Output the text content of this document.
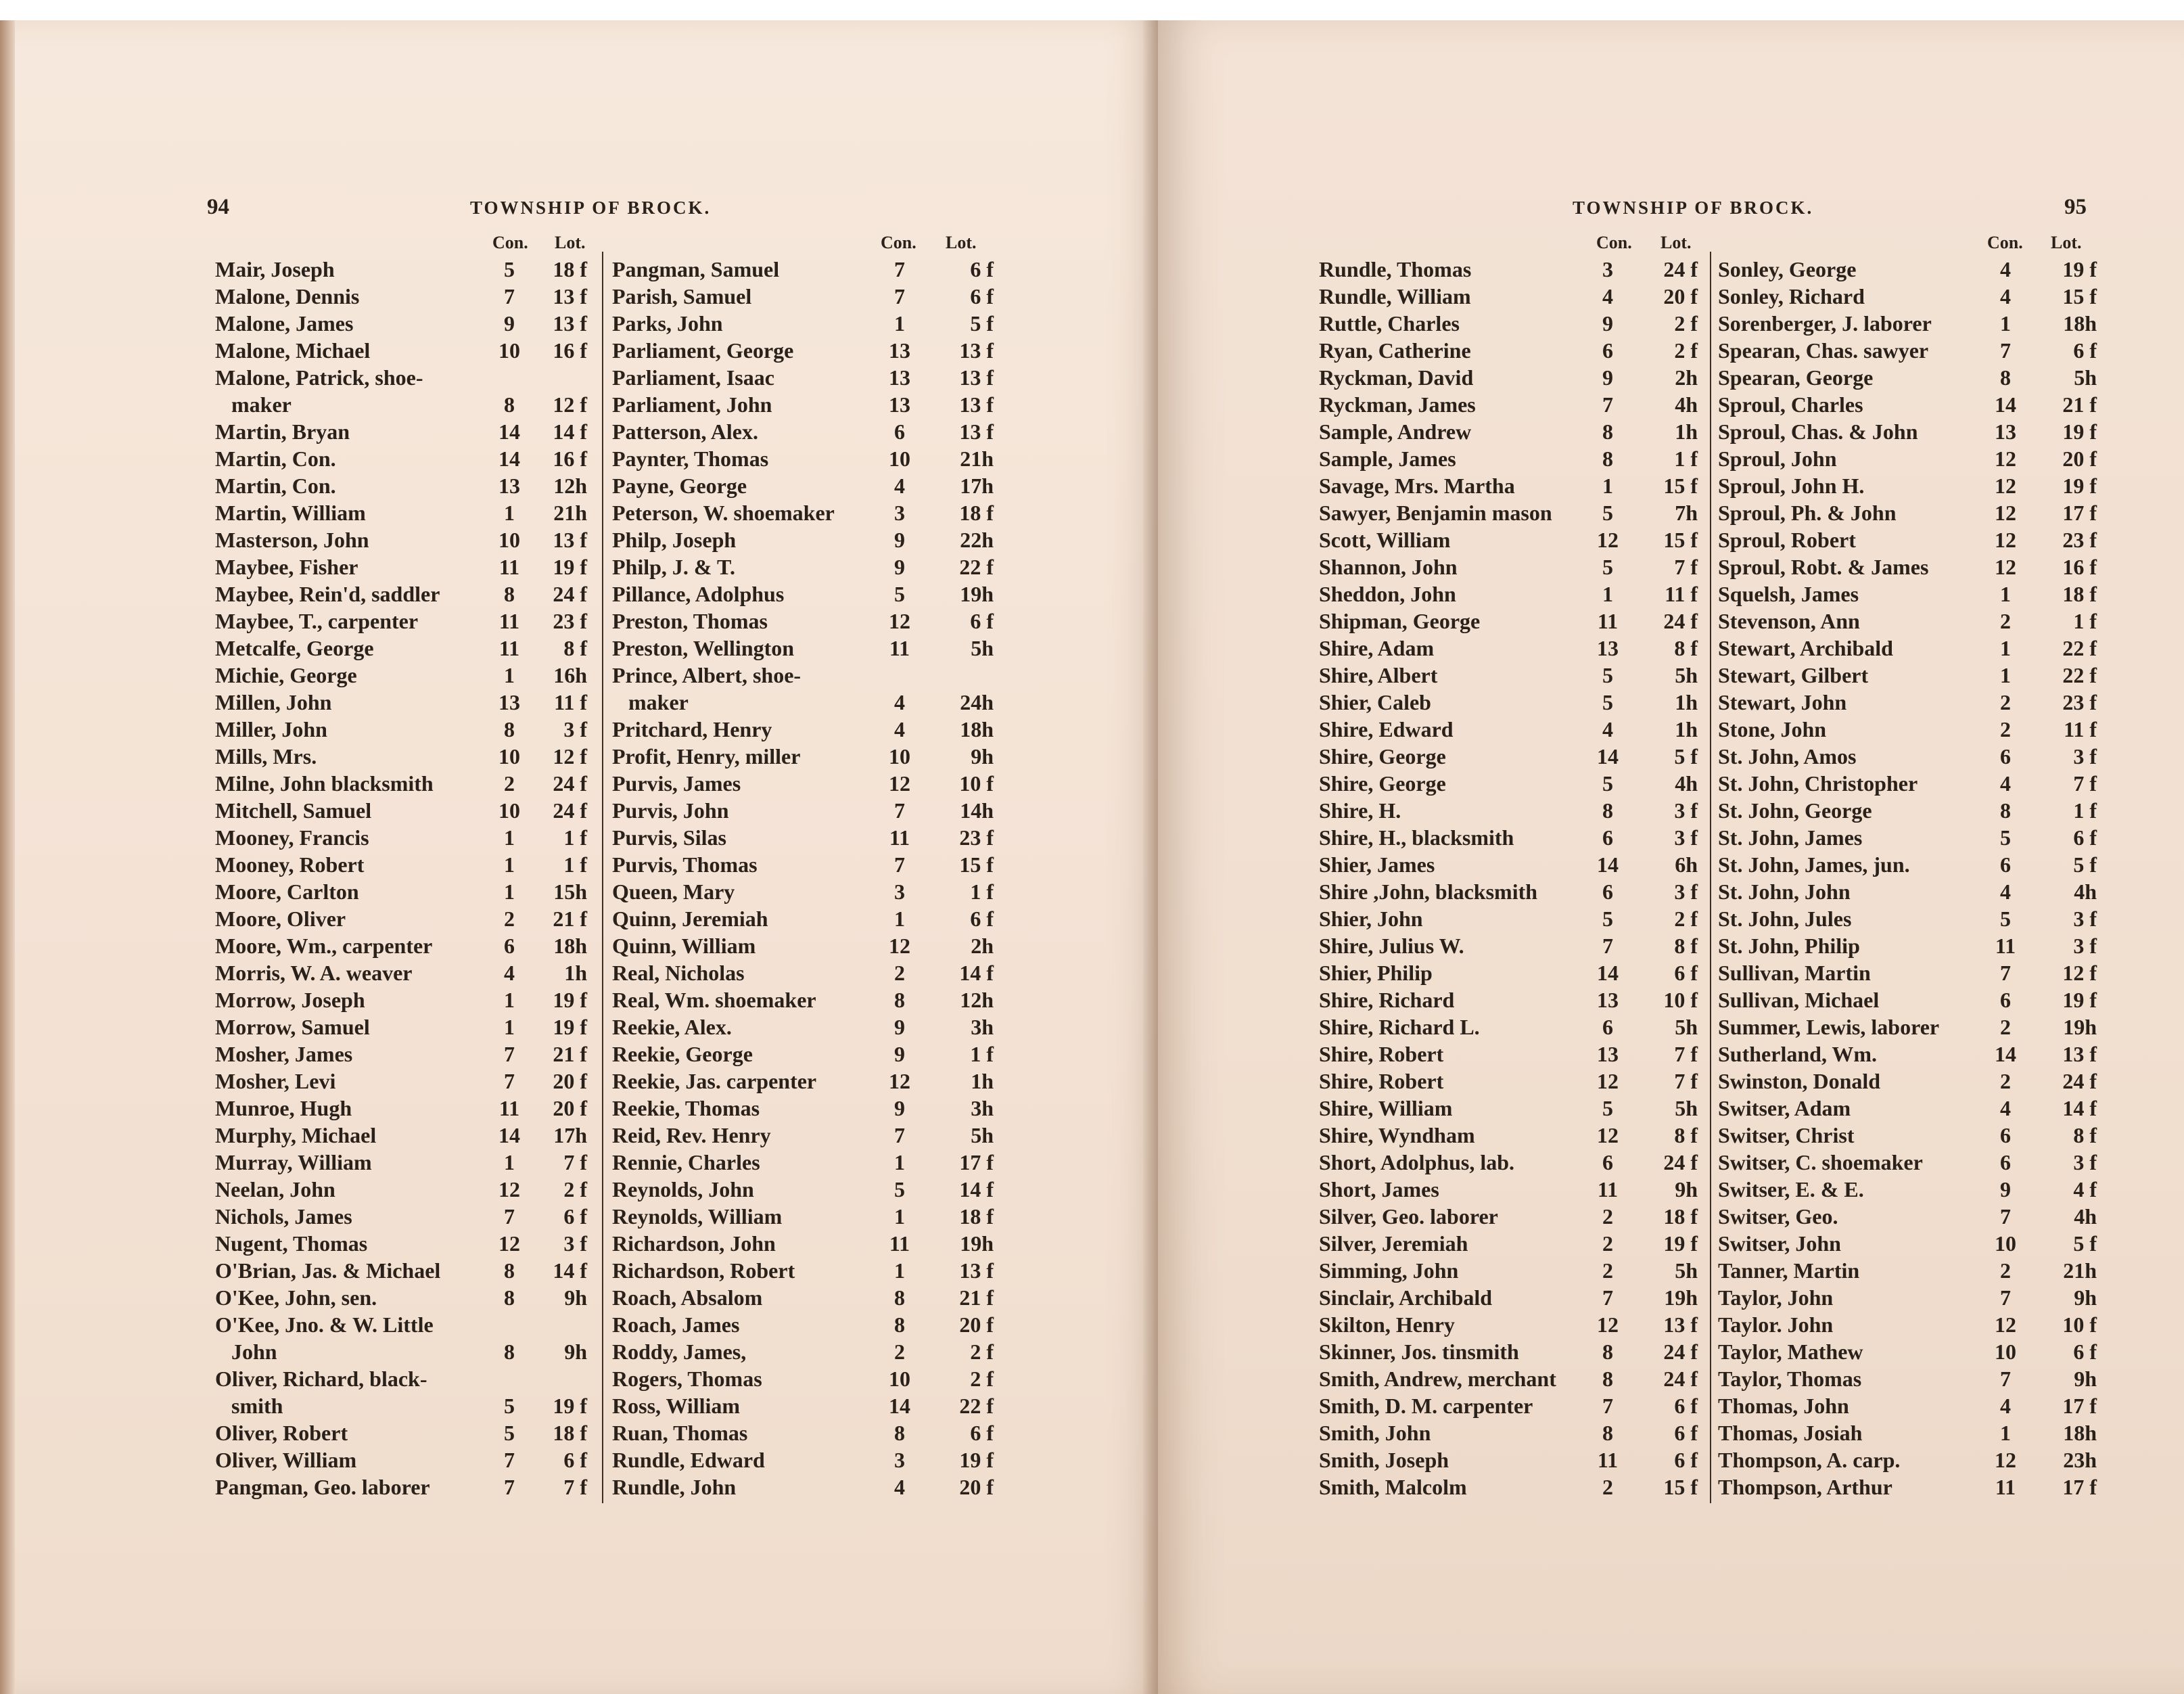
94	TOWNSHIP OF BROCK.	TOWNSHIP OF BROCK.	95
Con. Lot.	Con. Lot.	Con. Lot.	Con. Lot.
Mair, Joseph	5	18 f
Malone, Dennis	7	13 f
Malone, James	9	13 f
Malone, Michael	10	16 f
Malone, Patrick, shoe-
maker	8	12 f
Martin, Bryan	14	14 f
Martin, Con.	14	16 f
Martin, Con.	13	12h
Martin, William	1	21h
Masterson, John	10	13 f
Maybee, Fisher	11	19 f
Maybee, Rein'd, saddler	8	24 f
Maybee, T., carpenter	11	23 f
Metcalfe, George	11	8 f
Michie, George	1	16h
Millen, John	13	11 f
Miller, John	8	3 f
Mills, Mrs.	10	12 f
Milne, John blacksmith	2	24 f
Mitchell, Samuel	10	24 f
Mooney, Francis	1	1 f
Mooney, Robert	1	1 f
Moore, Carlton	1	15h
Moore, Oliver	2	21 f
Moore, Wm., carpenter	6	18h
Morris, W. A. weaver	4	1h
Morrow, Joseph	1	19 f
Morrow, Samuel	1	19 f
Mosher, James	7	21 f
Mosher, Levi	7	20 f
Munroe, Hugh	11	20 f
Murphy, Michael	14	17h
Murray, William	1	7 f
Neelan, John	12	2 f
Nichols, James	7	6 f
Nugent, Thomas	12	3 f
O'Brian, Jas. & Michael	8	14 f
O'Kee, John, sen.	8	9h
O'Kee, Jno. & W. Little
John	8	9h
Oliver, Richard, black-
smith	5	19 f
Oliver, Robert	5	18 f
Oliver, William	7	6 f
Pangman, Geo. laborer	7	7 f
Pangman, Samuel	7	6 f
Parish, Samuel	7	6 f
Parks, John	1	5 f
Parliament, George	13	13 f
Parliament, Isaac	13	13 f
Parliament, John	13	13 f
Patterson, Alex.	6	13 f
Paynter, Thomas	10	21h
Payne, George	4	17h
Peterson, W. shoemaker	3	18 f
Philp, Joseph	9	22h
Philp, J. & T.	9	22 f
Pillance, Adolphus	5	19h
Preston, Thomas	12	6 f
Preston, Wellington	11	5h
Prince, Albert, shoe-
maker	4	24h
Pritchard, Henry	4	18h
Profit, Henry, miller	10	9h
Purvis, James	12	10 f
Purvis, John	7	14h
Purvis, Silas	11	23 f
Purvis, Thomas	7	15 f
Queen, Mary	3	1 f
Quinn, Jeremiah	1	6 f
Quinn, William	12	2h
Real, Nicholas	2	14 f
Real, Wm. shoemaker	8	12h
Reekie, Alex.	9	3h
Reekie, George	9	1 f
Reekie, Jas. carpenter	12	1h
Reekie, Thomas	9	3h
Reid, Rev. Henry	7	5h
Rennie, Charles	1	17 f
Reynolds, John	5	14 f
Reynolds, William	1	18 f
Richardson, John	11	19h
Richardson, Robert	1	13 f
Roach, Absalom	8	21 f
Roach, James	8	20 f
Roddy, James,	2	2 f
Rogers, Thomas	10	2 f
Ross, William	14	22 f
Ruan, Thomas	8	6 f
Rundle, Edward	3	19 f
Rundle, John	4	20 f
Rundle, Thomas	3	24 f
Rundle, William	4	20 f
Ruttle, Charles	9	2 f
Ryan, Catherine	6	2 f
Ryckman, David	9	2h
Ryckman, James	7	4h
Sample, Andrew	8	1h
Sample, James	8	1 f
Savage, Mrs. Martha	1	15 f
Sawyer, Benjamin mason	5	7h
Scott, William	12	15 f
Shannon, John	5	7 f
Sheddon, John	1	11 f
Shipman, George	11	24 f
Shire, Adam	13	8 f
Shire, Albert	5	5h
Shier, Caleb	5	1h
Shire, Edward	4	1h
Shire, George	14	5 f
Shire, George	5	4h
Shire, H.	8	3 f
Shire, H., blacksmith	6	3 f
Shier, James	14	6h
Shire ,John, blacksmith	6	3 f
Shier, John	5	2 f
Shire, Julius W.	7	8 f
Shier, Philip	14	6 f
Shire, Richard	13	10 f
Shire, Richard L.	6	5h
Shire, Robert	13	7 f
Shire, Robert	12	7 f
Shire, William	5	5h
Shire, Wyndham	12	8 f
Short, Adolphus, lab.	6	24 f
Short, James	11	9h
Silver, Geo. laborer	2	18 f
Silver, Jeremiah	2	19 f
Simming, John	2	5h
Sinclair, Archibald	7	19h
Skilton, Henry	12	13 f
Skinner, Jos. tinsmith	8	24 f
Smith, Andrew, merchant	8	24 f
Smith, D. M. carpenter	7	6 f
Smith, John	8	6 f
Smith, Joseph	11	6 f
Smith, Malcolm	2	15 f
Sonley, George	4	19 f
Sonley, Richard	4	15 f
Sorenberger, J. laborer	1	18h
Spearan, Chas. sawyer	7	6 f
Spearan, George	8	5h
Sproul, Charles	14	21 f
Sproul, Chas. & John	13	19 f
Sproul, John	12	20 f
Sproul, John H.	12	19 f
Sproul, Ph. & John	12	17 f
Sproul, Robert	12	23 f
Sproul, Robt. & James	12	16 f
Squelsh, James	1	18 f
Stevenson, Ann	2	1 f
Stewart, Archibald	1	22 f
Stewart, Gilbert	1	22 f
Stewart, John	2	23 f
Stone, John	2	11 f
St. John, Amos	6	3 f
St. John, Christopher	4	7 f
St. John, George	8	1 f
St. John, James	5	6 f
St. John, James, jun.	6	5 f
St. John, John	4	4h
St. John, Jules	5	3 f
St. John, Philip	11	3 f
Sullivan, Martin	7	12 f
Sullivan, Michael	6	19 f
Summer, Lewis, laborer	2	19h
Sutherland, Wm.	14	13 f
Swinston, Donald	2	24 f
Switser, Adam	4	14 f
Switser, Christ	6	8 f
Switser, C. shoemaker	6	3 f
Switser, E. & E.	9	4 f
Switser, Geo.	7	4h
Switser, John	10	5 f
Tanner, Martin	2	21h
Taylor, John	7	9h
Taylor. John	12	10 f
Taylor, Mathew	10	6 f
Taylor, Thomas	7	9h
Thomas, John	4	17 f
Thomas, Josiah	1	18h
Thompson, A. carp.	12	23h
Thompson, Arthur	11	17 f
